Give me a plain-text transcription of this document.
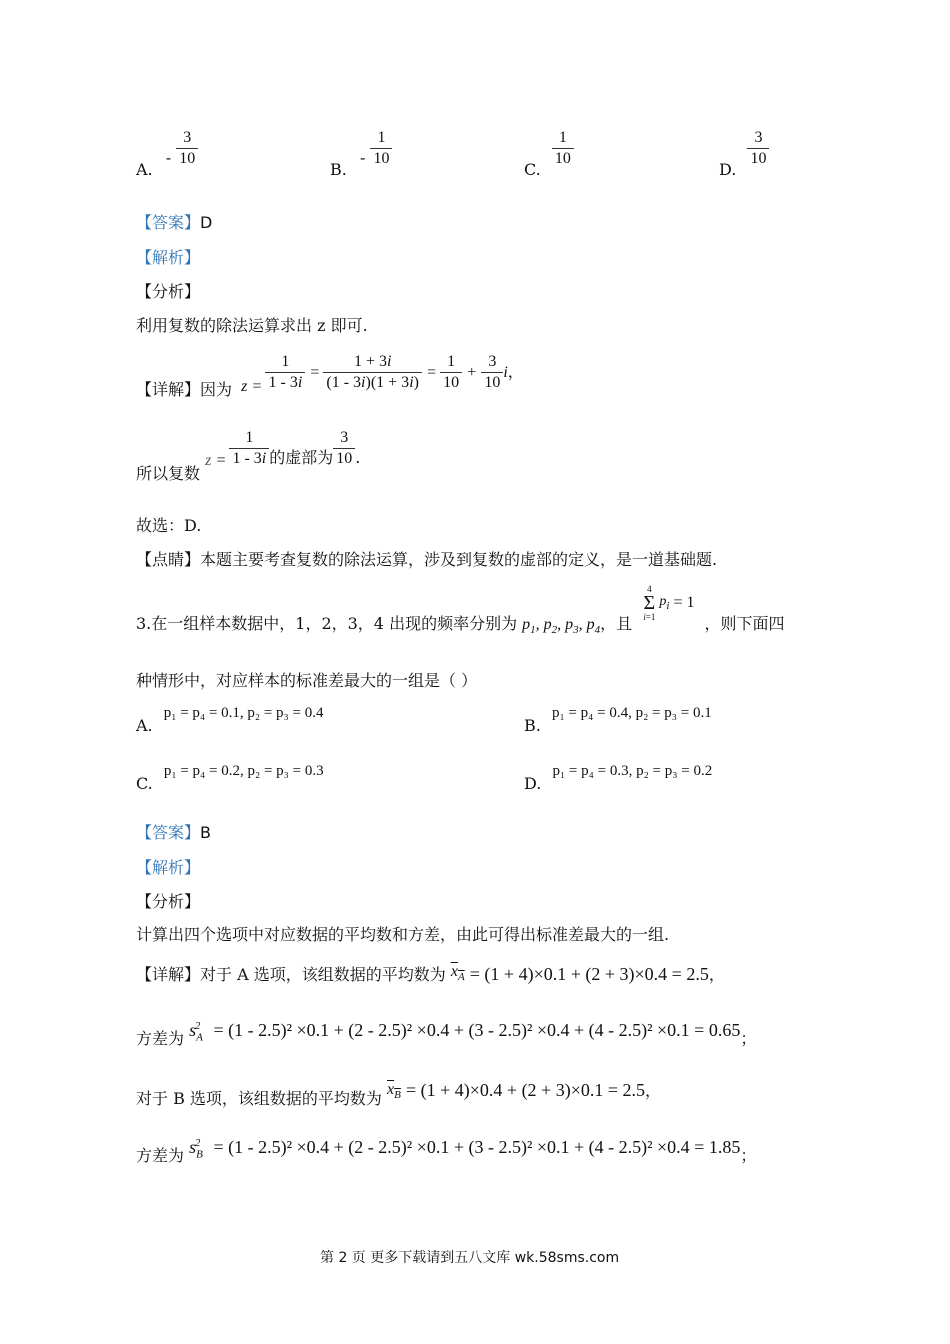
A. - $\frac{3}{10}$
B. - $\frac{1}{10}$
C.
$\frac{1}{10}$
D.
$\frac{3}{10}$
【答案】D
【解析】
【分析】
利用复数的除法运算求出 z 即可.
【详解】因为 $z = \frac{1}{1 - 3i} = \frac{1 + 3i}{(1 - 3i)(1 + 3i)} = \frac{1}{10} + \frac{3}{10}$ i，
所以复数 $z = \frac{1}{1 - 3i}$ 的虚部为 $\frac{3}{10}$ .
故选：D.
【点睛】本题主要考查复数的除法运算，涉及到复数的虚部的定义，是一道基础题.
3.在一组样本数据中，1，2，3，4 出现的频率分别为 $p_1$, $p_2$, $p_3$, $p_4$，且
4
Σ
i=1
$p_i = 1$，则下面四
种情形中，对应样本的标准差最大的一组是（ ）
A. p₁ = p₄ = 0.1, p₂ = p₃ = 0.4
B. p₁ = p₄ = 0.4, p₂ = p₃ = 0.1
C. p₁ = p₄ = 0.2, p₂ = p₃ = 0.3
D. p₁ = p₄ = 0.3, p₂ = p₃ = 0.2
【答案】B
【解析】
【分析】
计算出四个选项中对应数据的平均数和方差，由此可得出标准差最大的一组.
【详解】对于 A 选项，该组数据的平均数为 $x_A = (1 + 4)\times 0.1 + (2 + 3)\times 0.4 = 2.5$，
方差为 $s_A^2 = (1 - 2.5)^2 \times 0.1 + (2 - 2.5)^2 \times 0.4 + (3 - 2.5)^2 \times 0.4 + (4 - 2.5)^2 \times 0.1 = 0.65$；
对于 B 选项，该组数据的平均数为 $x_B = (1 + 4)\times 0.4 + (2 + 3)\times 0.1 = 2.5$，
方差为 $s_B^2 = (1 - 2.5)^2 \times 0.4 + (2 - 2.5)^2 \times 0.1 + (3 - 2.5)^2 \times 0.1 + (4 - 2.5)^2 \times 0.4 = 1.85$；
第 2 页 更多下载请到五八文库 wk.58sms.com
